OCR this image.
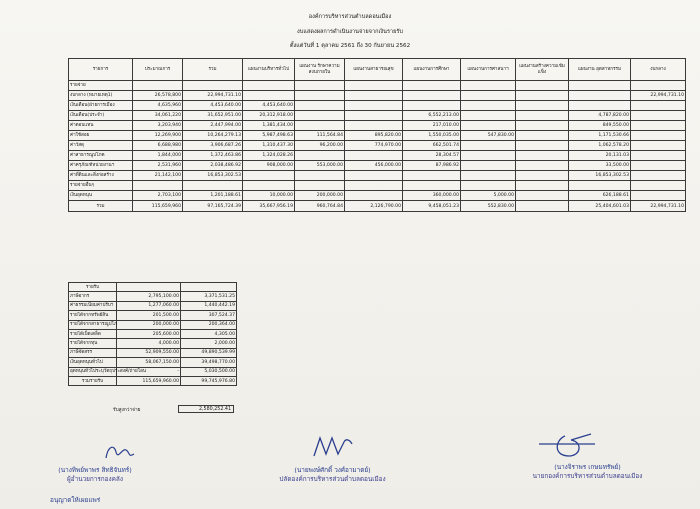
องค์การบริหารส่วนตำบลดอนเมือง
งบแสดงผลการดำเนินงานจ่ายจากเงินรายรับ
ตั้งแต่วันที่ 1 ตุลาคม 2561 ถึง 30 กันยายน 2562
รายการ	ประมาณการ	รวม	แผนงานบริหารทั่วไป	แผนงาน รักษาความสงบภายใน	แผนงานสาธารณสุข	แผนงานการศึกษา	แผนงานการศาสนาฯ	แผนงานสร้างความเข้มแข็ง	แผนงาน อุตสาหกรรม	งบกลาง
รายจ่าย										
งบกลาง (หมายเหตุ1)	26,578,800	22,994,731.10								22,994,731.10
เงินเดือน(ฝ่ายการเมือง	4,635,960	4,453,640.00	4,453,640.00							
เงินเดือน(ประจำ)	34,061,220	31,652,951.00	20,312,918.00			6,552,213.00			4,787,820.00	
ค่าตอบแทน	3,203,940	2,447,994.00	1,381,434.00			217,010.00			849,550.00	
ค่าใช้สอย	12,269,900	10,264,279.13	5,987,498.63	111,564.84	895,820.00	1,550,035.00	547,830.00		1,171,530.66	
ค่าวัสดุ	6,688,980	3,906,687.26	1,310,437.30	96,200.00	774,970.00	662,501.74			1,062,578.20	
ค่าสาธารณูปโภค	1,844,000	1,372,463.86	1,324,028.26			28,304.57			20,131.03	
ค่าครุภัณฑ์หน่วยงานฯ	2,531,960	2,038,486.92	908,000.00	553,000.00	456,000.00	87,986.92			33,500.00	
ค่าที่ดินและสิ่งก่อสร้าง	21,142,100	16,853,302.53							16,853,302.53	
รายจ่ายอื่นๆ										
เงินอุดหนุน	2,703,100	1,201,188.61	10,000.00	200,000.00		360,000.00	5,000.00		626,188.61	
รวม	115,659,960	97,165,724.39	35,667,956.19	960,764.84	2,126,790.00	9,458,051.23	552,830.00		25,404,601.03	22,994,731.10
รายรับ		
ภาษีอากร	2,795,100.00	3,371,531.25
ค่าธรรมเนียมค่าปรับฯ	1,277,060.00	1,440,442.19
รายได้จากทรัพย์สิน	201,500.00	307,524.37
รายได้จากสาธารณูปโภ	200,000.00	200,364.00
รายได้เบ็ดเตล็ด	205,600.00	4,305.00
รายได้จากทุน	4,000.00	2,000.00
ภาษีจัดสรร	52,909,550.00	49,890,539.99
เงินอุดหนุนทั่วไป	58,067,150.00	39,498,770.00
อุดหนุนทั่วไประบุวัตถุประสงค์/ถ่ายโอน	-	5,030,500.00
รวมรายรับ	115,659,960.00	99,745,976.80
รับสูงกว่าจ่าย	2,580,252.41
(นางทิพย์พาพร สิทธิจันทร์)
ผู้อำนวยการกองคลัง
(นายพงษ์ศักดิ์ วงศ์อามาตย์)
ปลัดองค์การบริหารส่วนตำบลดอนเมือง
(นางจิราพร เกษมทรัพย์)
นายกองค์การบริหารส่วนตำบลดอนเมือง
อนุญาตให้เผยแพร่
